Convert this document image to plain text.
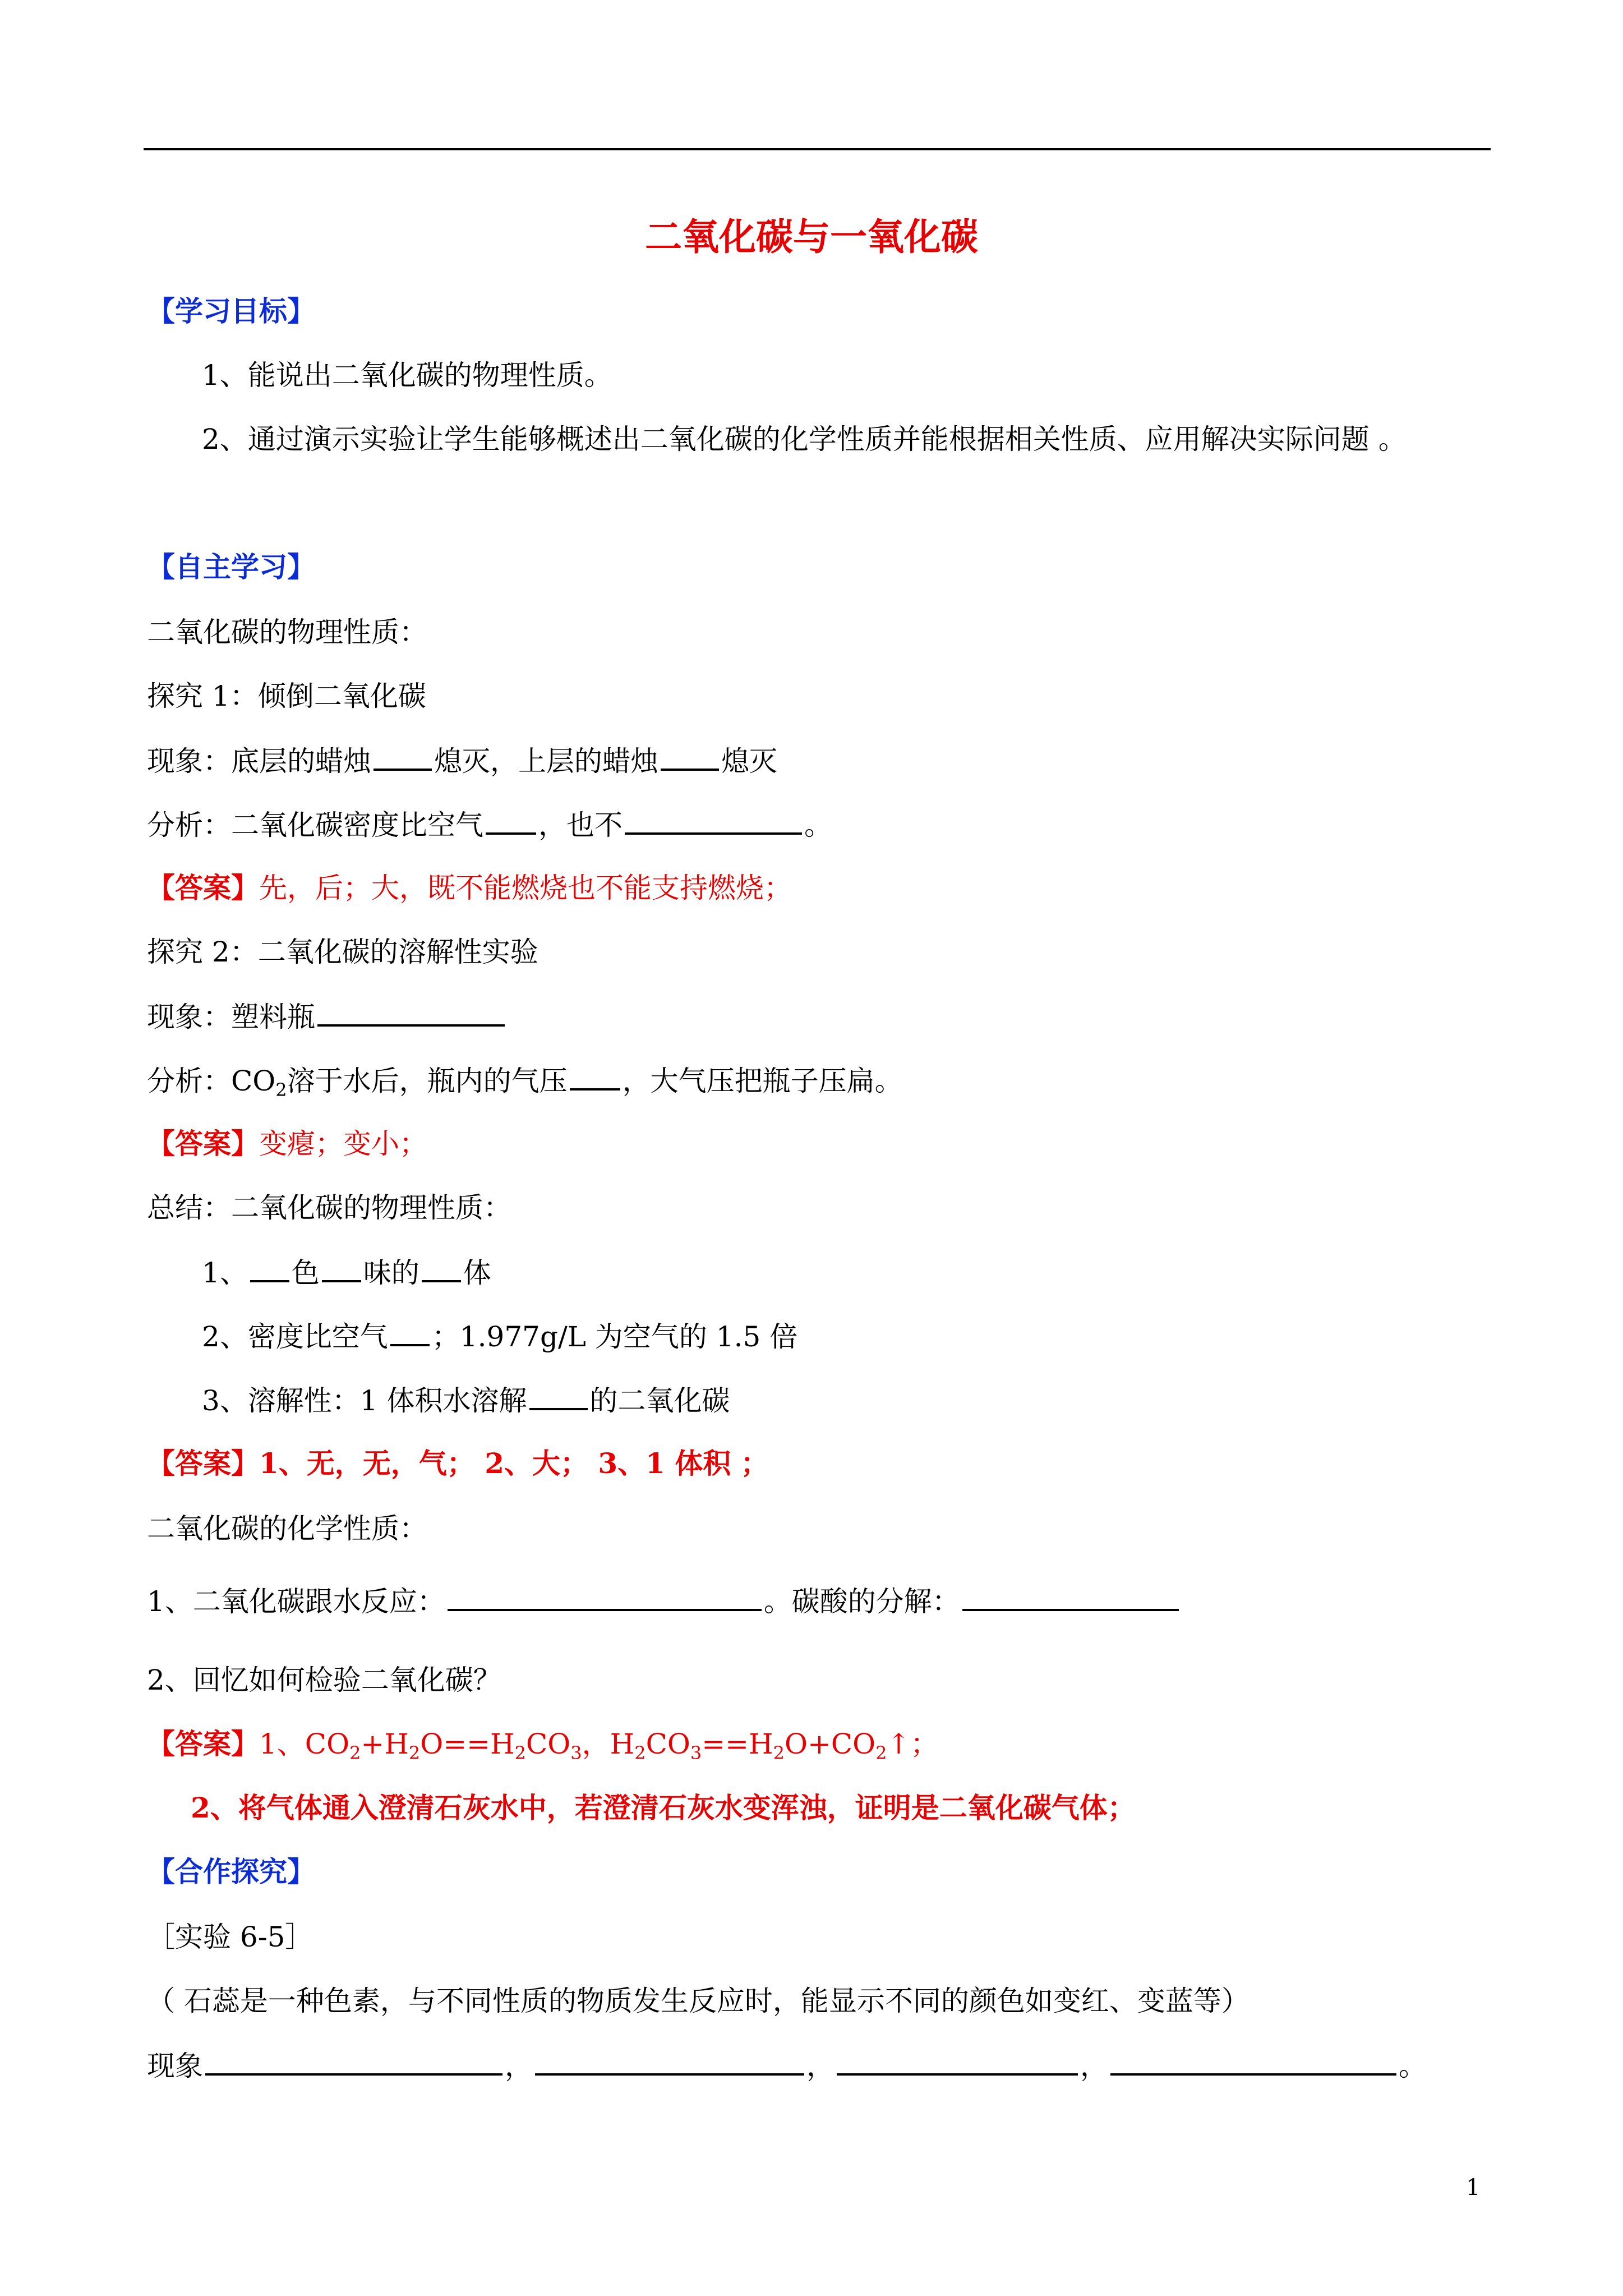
二氧化碳与一氧化碳
【学习目标】
1、能说出二氧化碳的物理性质。
2、通过演示实验让学生能够概述出二氧化碳的化学性质并能根据相关性质、应用解决实际问题 。
【自主学习】
二氧化碳的物理性质：
探究 1：倾倒二氧化碳
现象：底层的蜡烛 熄灭，上层的蜡烛 熄灭
分析：二氧化碳密度比空气 ，也不	。
【答案】先，后；大，既不能燃烧也不能支持燃烧；
探究 2：二氧化碳的溶解性实验
现象：塑料瓶
分析：$CO_2$溶于水后，瓶内的气压 ，大气压把瓶子压扁。
【答案】变瘪；变小；
总结：二氧化碳的物理性质：
1、 色 味的 体
2、密度比空气 ；1.977g/L 为空气的 1.5 倍
3、溶解性：1 体积水溶解 的二氧化碳
【答案】1、无，无，气； 2、大； 3、1 体积 ；
二氧化碳的化学性质：
1、二氧化碳跟水反应：	。碳酸的分解：
2、回忆如何检验二氧化碳？
【答案】1、$CO_2+H_2O==H_2CO_3$，$H_2CO_3==H_2O+CO_2↑$；
2、将气体通入澄清石灰水中，若澄清石灰水变浑浊，证明是二氧化碳气体；
【合作探究】
［实验 6-5］
（ 石蕊是一种色素，与不同性质的物质发生反应时，能显示不同的颜色如变红、变蓝等）
现象	，	，	，	。
1
